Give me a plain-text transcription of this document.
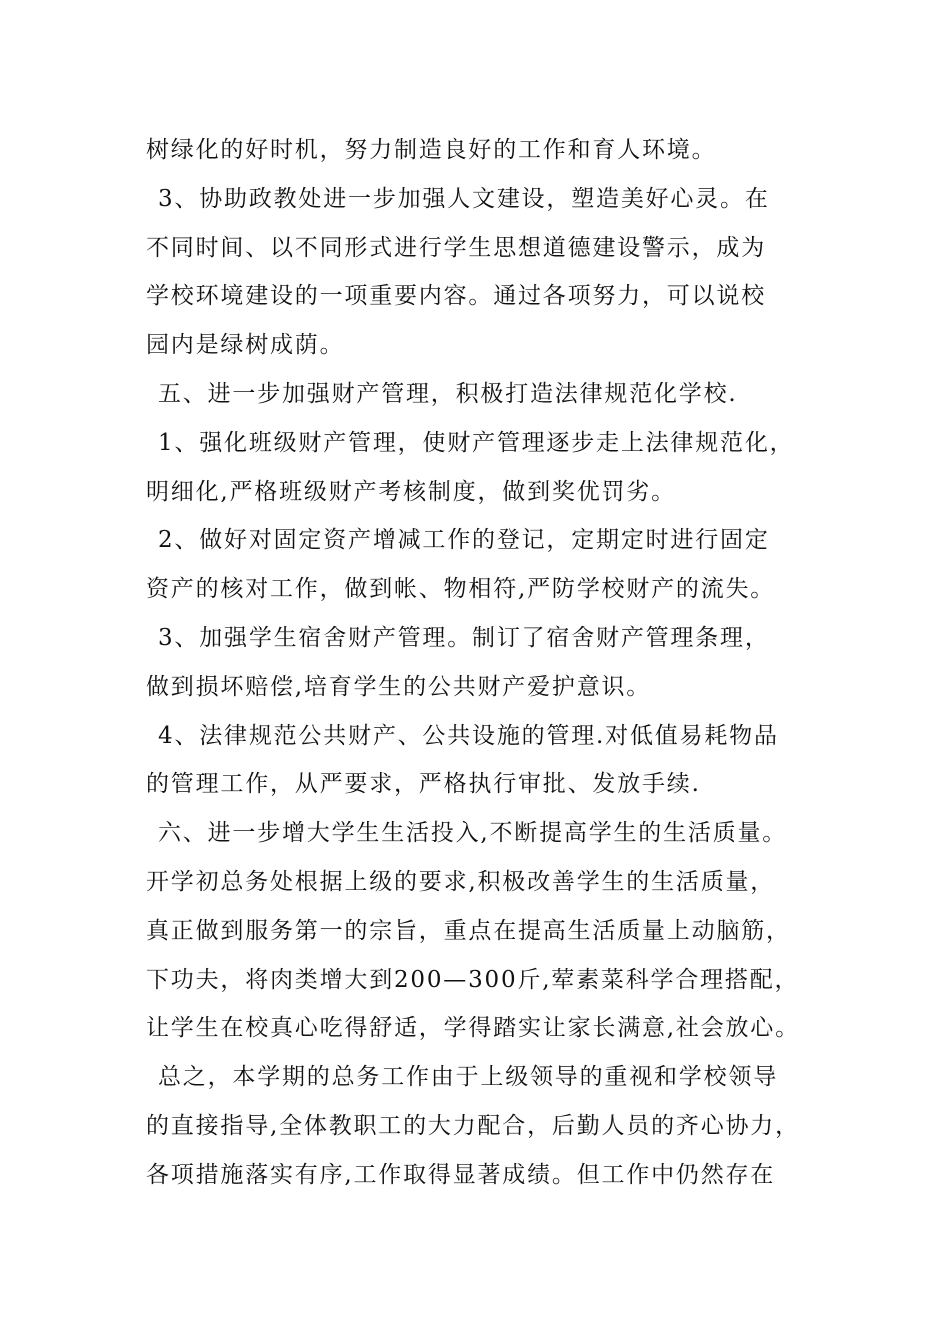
树绿化的好时机，努力制造良好的工作和育人环境。
3、协助政教处进一步加强人文建设，塑造美好心灵。在
不同时间、以不同形式进行学生思想道德建设警示，成为
学校环境建设的一项重要内容。通过各项努力，可以说校
园内是绿树成荫。
五、进一步加强财产管理，积极打造法律规范化学校.
1、强化班级财产管理，使财产管理逐步走上法律规范化，
明细化,严格班级财产考核制度，做到奖优罚劣。
2、做好对固定资产增减工作的登记，定期定时进行固定
资产的核对工作，做到帐、物相符,严防学校财产的流失。
3、加强学生宿舍财产管理。制订了宿舍财产管理条理，
做到损坏赔偿,培育学生的公共财产爱护意识。
4、法律规范公共财产、公共设施的管理.对低值易耗物品
的管理工作，从严要求，严格执行审批、发放手续.
六、进一步增大学生生活投入,不断提高学生的生活质量。
开学初总务处根据上级的要求,积极改善学生的生活质量，
真正做到服务第一的宗旨，重点在提高生活质量上动脑筋，
下功夫，将肉类增大到200—300斤,荤素菜科学合理搭配，
让学生在校真心吃得舒适，学得踏实让家长满意,社会放心。
总之，本学期的总务工作由于上级领导的重视和学校领导
的直接指导,全体教职工的大力配合，后勤人员的齐心协力，
各项措施落实有序,工作取得显著成绩。但工作中仍然存在
